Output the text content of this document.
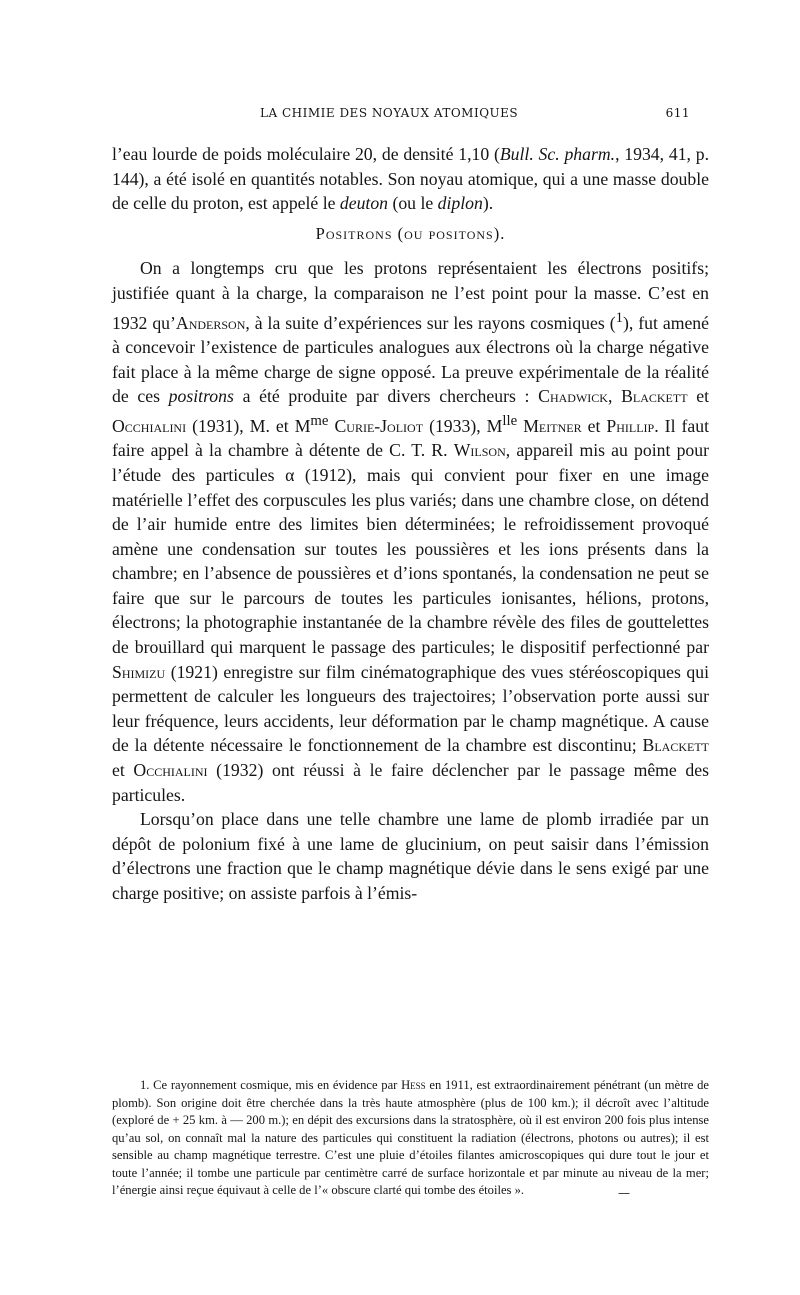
LA CHIMIE DES NOYAUX ATOMIQUES	611

l’eau lourde de poids moléculaire 20, de densité 1,10 (Bull. Sc. pharm., 1934, 41, p. 144), a été isolé en quantités notables. Son noyau atomique, qui a une masse double de celle du proton, est appelé le deuton (ou le diplon).

Positrons (ou positons).

On a longtemps cru que les protons représentaient les électrons positifs; justifiée quant à la charge, la comparaison ne l’est point pour la masse. C’est en 1932 qu’Anderson, à la suite d’expériences sur les rayons cosmiques ($^1$), fut amené à concevoir l’existence de particules analogues aux électrons où la charge négative fait place à la même charge de signe opposé. La preuve expérimentale de la réalité de ces positrons a été produite par divers chercheurs : Chadwick, Blackett et Occhialini (1931), M. et $M^{me}$ Curie-Joliot (1933), $M^{lle}$ Meitner et Phillip. Il faut faire appel à la chambre à détente de C. T. R. Wilson, appareil mis au point pour l’étude des particules α (1912), mais qui convient pour fixer en une image matérielle l’effet des corpuscules les plus variés; dans une chambre close, on détend de l’air humide entre des limites bien déterminées; le refroidissement provoqué amène une condensation sur toutes les poussières et les ions présents dans la chambre; en l’absence de poussières et d’ions spontanés, la condensation ne peut se faire que sur le parcours de toutes les particules ionisantes, hélions, protons, électrons; la photographie instantanée de la chambre révèle des files de gouttelettes de brouillard qui marquent le passage des particules; le dispositif perfectionné par Shimizu (1921) enregistre sur film cinématographique des vues stéréoscopiques qui permettent de calculer les longueurs des trajectoires; l’observation porte aussi sur leur fréquence, leurs accidents, leur déformation par le champ magnétique. A cause de la détente nécessaire le fonctionnement de la chambre est discontinu; Blackett et Occhialini (1932) ont réussi à le faire déclencher par le passage même des particules.

Lorsqu’on place dans une telle chambre une lame de plomb irradiée par un dépôt de polonium fixé à une lame de glucinium, on peut saisir dans l’émission d’électrons une fraction que le champ magnétique dévie dans le sens exigé par une charge positive; on assiste parfois à l’émis-

1. Ce rayonnement cosmique, mis en évidence par Hess en 1911, est extraordinairement pénétrant (un mètre de plomb). Son origine doit être cherchée dans la très haute atmosphère (plus de 100 km.); il décroît avec l’altitude (exploré de + 25 km. à — 200 m.); en dépit des excursions dans la stratosphère, où il est environ 200 fois plus intense qu’au sol, on connaît mal la nature des particules qui constituent la radiation (électrons, photons ou autres); il est sensible au champ magnétique terrestre. C’est une pluie d’étoiles filantes amicroscopiques qui dure tout le jour et toute l’année; il tombe une particule par centimètre carré de surface horizontale et par minute au niveau de la mer; l’énergie ainsi reçue équivaut à celle de l’« obscure clarté qui tombe des étoiles ».	—
